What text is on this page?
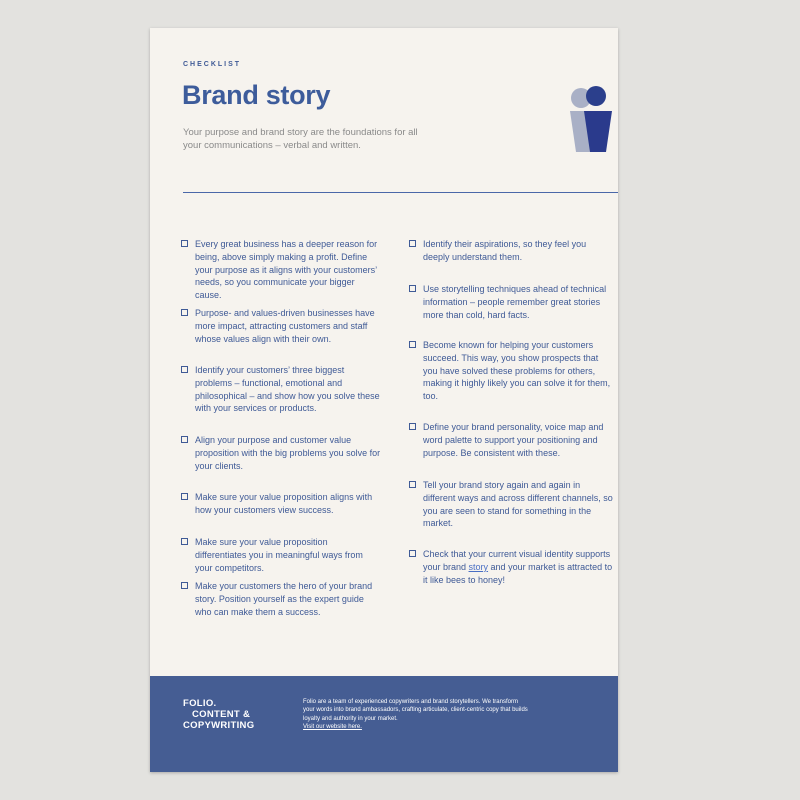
CHECKLIST
Brand story
Your purpose and brand story are the foundations for all your communications – verbal and written.
Every great business has a deeper reason for being, above simply making a profit. Define your purpose as it aligns with your customers’ needs, so you communicate your bigger cause.
Purpose- and values-driven businesses have more impact, attracting customers and staff whose values align with their own.
Identify your customers’ three biggest problems – functional, emotional and philosophical – and show how you solve these with your services or products.
Align your purpose and customer value proposition with the big problems you solve for your clients.
Make sure your value proposition aligns with how your customers view success.
Make sure your value proposition differentiates you in meaningful ways from your competitors.
Make your customers the hero of your brand story. Position yourself as the expert guide who can make them a success.
Identify their aspirations, so they feel you deeply understand them.
Use storytelling techniques ahead of technical information – people remember great stories more than cold, hard facts.
Become known for helping your customers succeed. This way, you show prospects that you have solved these problems for others, making it highly likely you can solve it for them, too.
Define your brand personality, voice map and word palette to support your positioning and purpose. Be consistent with these.
Tell your brand story again and again in different ways and across different channels, so you are seen to stand for something in the market.
Check that your current visual identity supports your brand story and your market is attracted to it like bees to honey!
FOLIO.
CONTENT &
COPYWRITING
Folio are a team of experienced copywriters and brand storytellers. We transform your words into brand ambassadors, crafting articulate, client-centric copy that builds loyalty and authority in your market.
Visit our website here.
